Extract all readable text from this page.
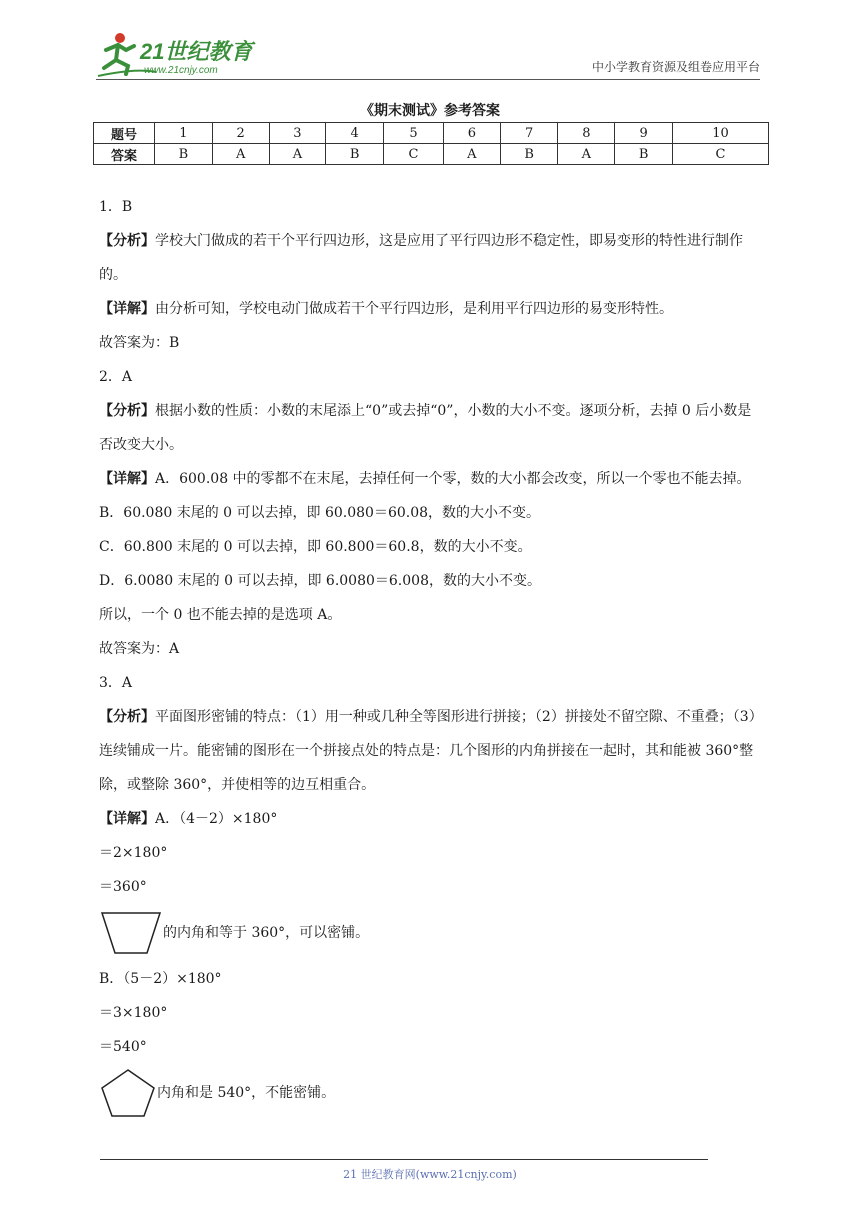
21世纪教育
www.21cnjy.com	中小学教育资源及组卷应用平台
《期末测试》参考答案
题号	1	2	3	4	5	6	7	8	9	10
答案	B	A	A	B	C	A	B	A	B	C

1．B

【分析】学校大门做成的若干个平行四边形，这是应用了平行四边形不稳定性，即易变形的特性进行制作的。

【详解】由分析可知，学校电动门做成若干个平行四边形，是利用平行四边形的易变形特性。

故答案为：B

2．A

【分析】根据小数的性质：小数的末尾添上“0”或去掉“0”，小数的大小不变。逐项分析，去掉 0 后小数是否改变大小。

【详解】A．600.08 中的零都不在末尾，去掉任何一个零，数的大小都会改变，所以一个零也不能去掉。

B．60.080 末尾的 0 可以去掉，即 60.080＝60.08，数的大小不变。

C．60.800 末尾的 0 可以去掉，即 60.800＝60.8，数的大小不变。

D．6.0080 末尾的 0 可以去掉，即 6.0080＝6.008，数的大小不变。

所以，一个 0 也不能去掉的是选项 A。

故答案为：A

3．A

【分析】平面图形密铺的特点：（1）用一种或几种全等图形进行拼接；（2）拼接处不留空隙、不重叠；（3）连续铺成一片。能密铺的图形在一个拼接点处的特点是：几个图形的内角拼接在一起时，其和能被 360°整除，或整除 360°，并使相等的边互相重合。

【详解】A．（4－2）×180°

＝2×180°

＝360°

的内角和等于 360°，可以密铺。

B．（5－2）×180°

＝3×180°

＝540°

内角和是 540°，不能密铺。
21 世纪教育网(www.21cnjy.com)
